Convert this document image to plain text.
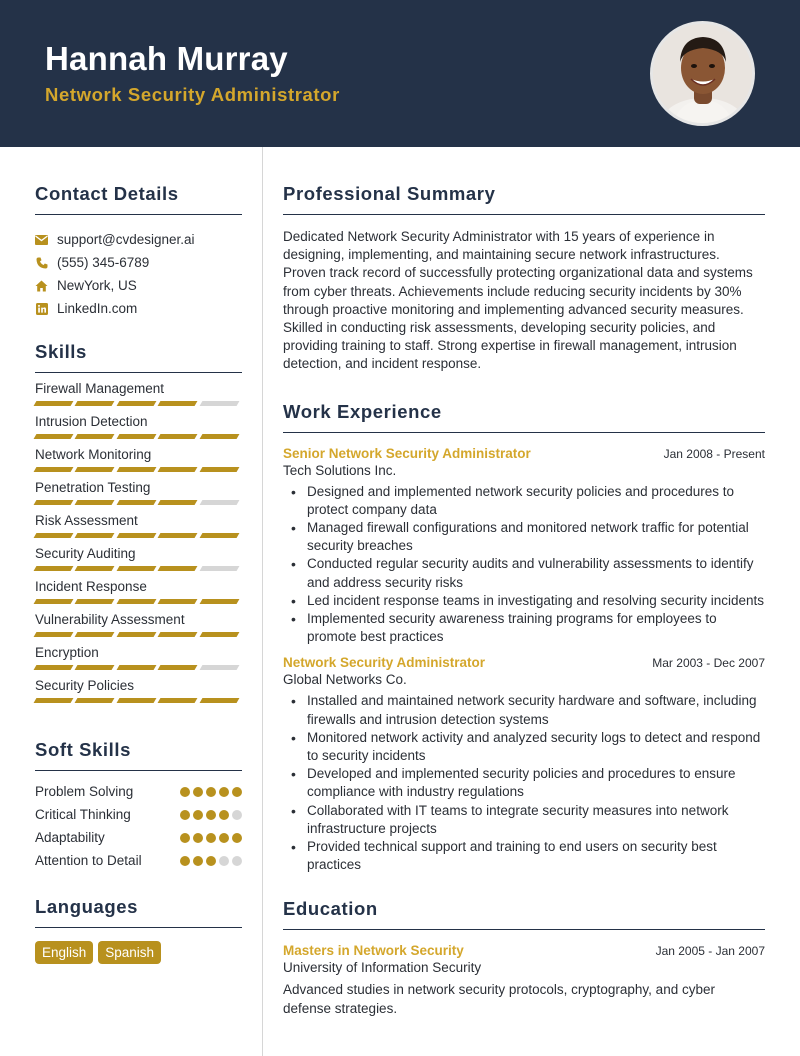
Hannah Murray
Network Security Administrator
Contact Details
support@cvdesigner.ai
(555) 345-6789
NewYork, US
LinkedIn.com
Skills
Firewall Management
Intrusion Detection
Network Monitoring
Penetration Testing
Risk Assessment
Security Auditing
Incident Response
Vulnerability Assessment
Encryption
Security Policies
Soft Skills
Problem Solving
Critical Thinking
Adaptability
Attention to Detail
Languages
English	Spanish
Professional Summary
Dedicated Network Security Administrator with 15 years of experience in designing, implementing, and maintaining secure network infrastructures. Proven track record of successfully protecting organizational data and systems from cyber threats. Achievements include reducing security incidents by 30% through proactive monitoring and implementing advanced security measures. Skilled in conducting risk assessments, developing security policies, and providing training to staff. Strong expertise in firewall management, intrusion detection, and incident response.
Work Experience
Senior Network Security Administrator	Jan 2008 - Present
Tech Solutions Inc.
• Designed and implemented network security policies and procedures to protect company data
• Managed firewall configurations and monitored network traffic for potential security breaches
• Conducted regular security audits and vulnerability assessments to identify and address security risks
• Led incident response teams in investigating and resolving security incidents
• Implemented security awareness training programs for employees to promote best practices
Network Security Administrator	Mar 2003 - Dec 2007
Global Networks Co.
• Installed and maintained network security hardware and software, including firewalls and intrusion detection systems
• Monitored network activity and analyzed security logs to detect and respond to security incidents
• Developed and implemented security policies and procedures to ensure compliance with industry regulations
• Collaborated with IT teams to integrate security measures into network infrastructure projects
• Provided technical support and training to end users on security best practices
Education
Masters in Network Security	Jan 2005 - Jan 2007
University of Information Security
Advanced studies in network security protocols, cryptography, and cyber defense strategies.
